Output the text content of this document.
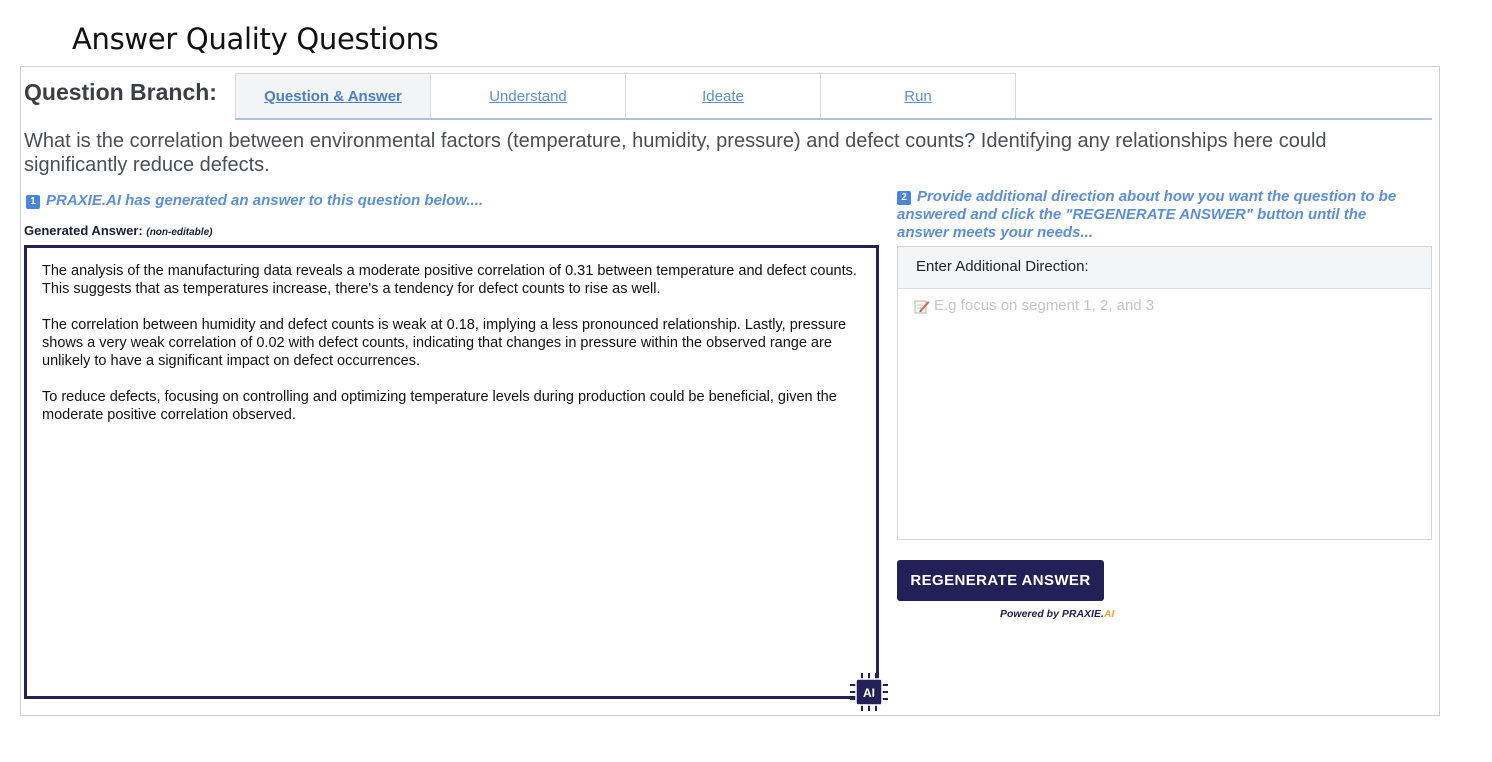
Answer Quality Questions
Question Branch:	Question & Answer	Understand	Ideate	Run
What is the correlation between environmental factors (temperature, humidity, pressure) and defect counts? Identifying any relationships here could significantly reduce defects.
1 PRAXIE.AI has generated an answer to this question below....
Generated Answer: (non-editable)

The analysis of the manufacturing data reveals a moderate positive correlation of 0.31 between temperature and defect counts. This suggests that as temperatures increase, there's a tendency for defect counts to rise as well.

The correlation between humidity and defect counts is weak at 0.18, implying a less pronounced relationship. Lastly, pressure shows a very weak correlation of 0.02 with defect counts, indicating that changes in pressure within the observed range are unlikely to have a significant impact on defect occurrences.

To reduce defects, focusing on controlling and optimizing temperature levels during production could be beneficial, given the moderate positive correlation observed.

AI
2 Provide additional direction about how you want the question to be answered and click the "REGENERATE ANSWER" button until the answer meets your needs...
Enter Additional Direction:
E.g focus on segment 1, 2, and 3
REGENERATE ANSWER
Powered by PRAXIE.AI
